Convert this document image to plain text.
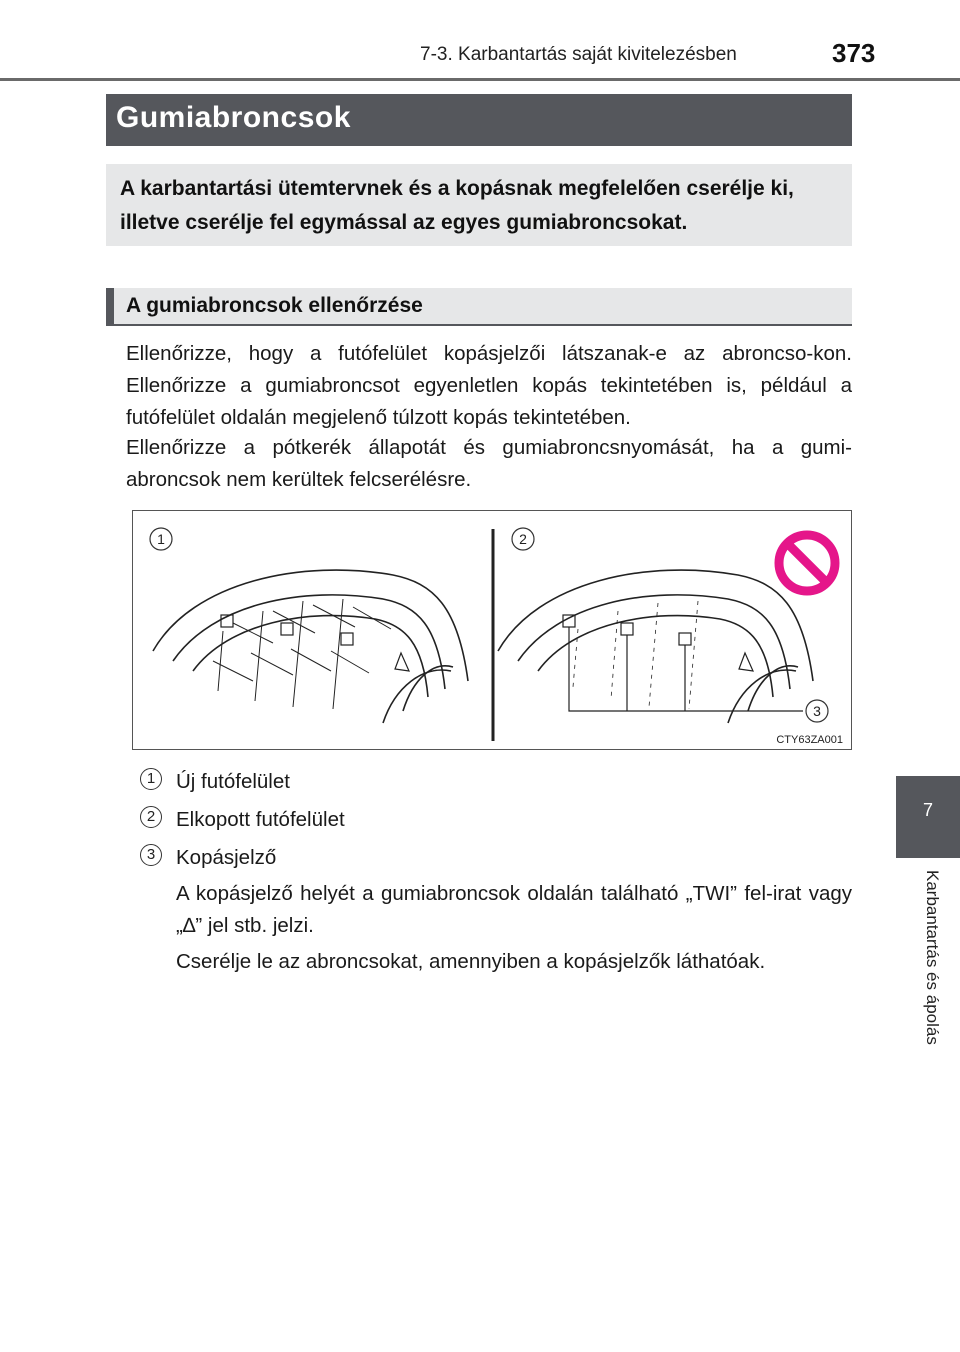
7-3. Karbantartás saját kivitelezésben	373
Gumiabroncsok
A karbantartási ütemtervnek és a kopásnak megfelelően cserélje ki, illetve cserélje fel egymással az egyes gumiabroncsokat.
A gumiabroncsok ellenőrzése
Ellenőrizze, hogy a futófelület kopásjelzői látszanak-e az abroncso-kon. Ellenőrizze a gumiabroncsot egyenletlen kopás tekintetében is, például a futófelület oldalán megjelenő túlzott kopás tekintetében.
Ellenőrizze a pótkerék állapotát és gumiabroncsnyomását, ha a gumi-abroncsok nem kerültek felcserélésre.
1	2
3
CTY63ZA001
1	Új futófelület
2	Elkopott futófelület
3	Kopásjelző
A kopásjelző helyét a gumiabroncsok oldalán található „TWI” fel-irat vagy „∆” jel stb. jelzi.
Cserélje le az abroncsokat, amennyiben a kopásjelzők láthatóak.
7
Karbantartás és ápolás
